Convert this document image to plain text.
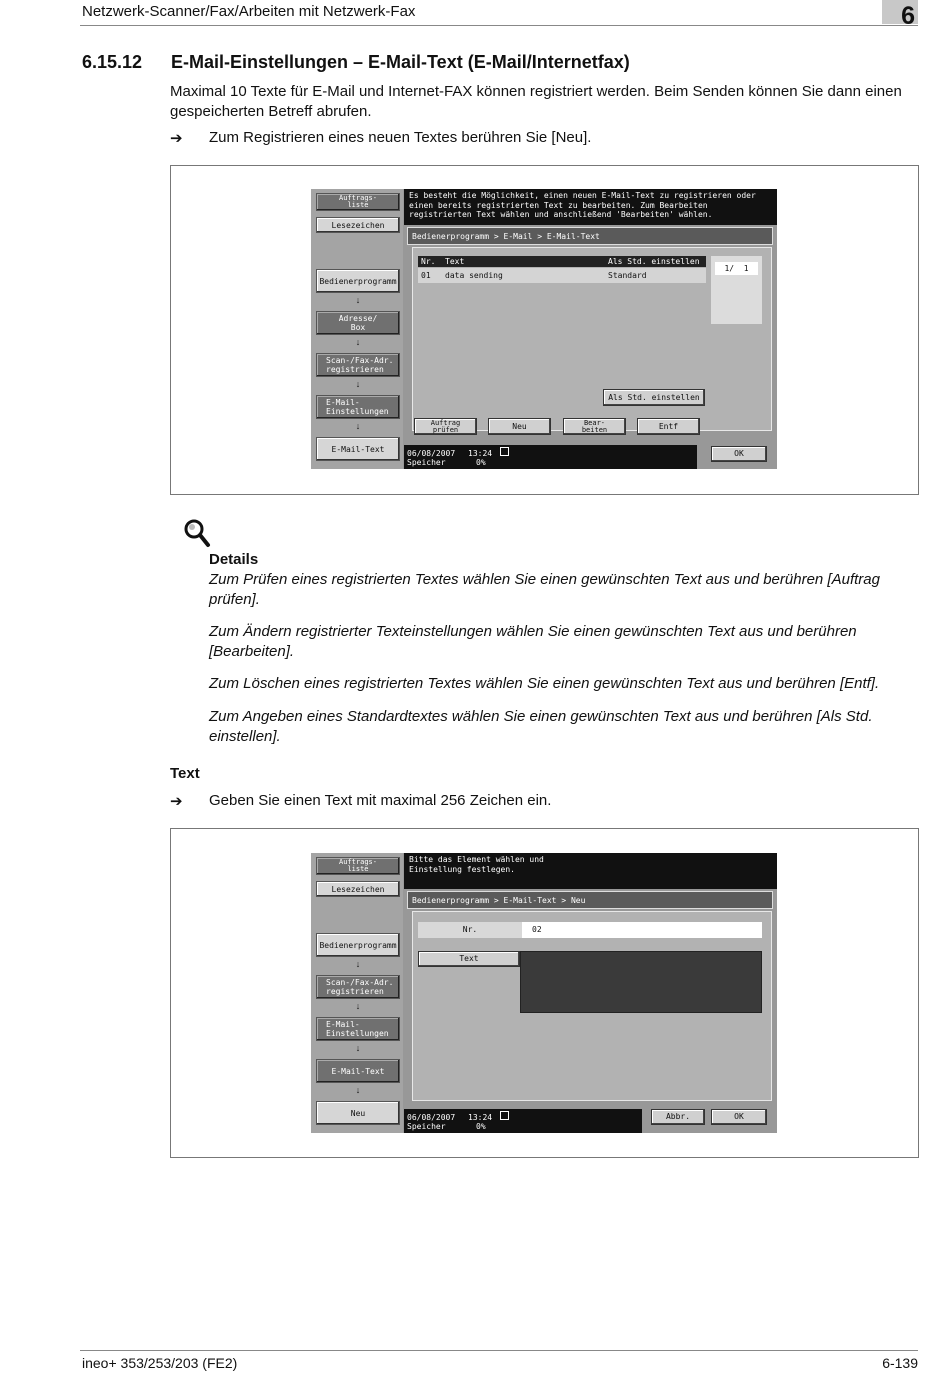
Netzwerk-Scanner/Fax/Arbeiten mit Netzwerk-Fax	6
6.15.12 E-Mail-Einstellungen – E-Mail-Text (E-Mail/Internetfax)
Maximal 10 Texte für E-Mail und Internet-FAX können registriert werden. Beim Senden können Sie dann einen gespeicherten Betreff abrufen.
➔ Zum Registrieren eines neuen Textes berühren Sie [Neu].
Auftrags-
liste
Lesezeichen
Bedienerprogramm
↓
Adresse/
Box
↓
Scan-/Fax-Adr.
registrieren
↓
E-Mail-
Einstellungen
↓
E-Mail-Text
Es besteht die Möglichkeit, einen neuen E-Mail-Text zu registrieren oder einen bereits registrierten Text zu bearbeiten. Zum Bearbeiten registrierten Text wählen und anschließend 'Bearbeiten' wählen.
Bedienerprogramm > E-Mail > E-Mail-Text
Nr. Text	Als Std. einstellen
01 data sending	Standard
1/  1
Als Std. einstellen
Auftrag
prüfen	Neu	Bear-
beiten	Entf
06/08/2007 13:24
Speicher	0%
OK
Details
Zum Prüfen eines registrierten Textes wählen Sie einen gewünschten Text aus und berühren [Auftrag prüfen].
Zum Ändern registrierter Texteinstellungen wählen Sie einen gewünschten Text aus und berühren [Bearbeiten].
Zum Löschen eines registrierten Textes wählen Sie einen gewünschten Text aus und berühren [Entf].
Zum Angeben eines Standardtextes wählen Sie einen gewünschten Text aus und berühren [Als Std. einstellen].
Text
➔ Geben Sie einen Text mit maximal 256 Zeichen ein.
Auftrags-
liste
Lesezeichen
Bedienerprogramm
↓
Scan-/Fax-Adr.
registrieren
↓
E-Mail-
Einstellungen
↓
E-Mail-Text
↓
Neu
Bitte das Element wählen und
Einstellung festlegen.
Bedienerprogramm > E-Mail-Text > Neu
Nr.	02
Text
06/08/2007 13:24
Speicher	0%
Abbr.	OK
ineo+ 353/253/203 (FE2)	6-139
